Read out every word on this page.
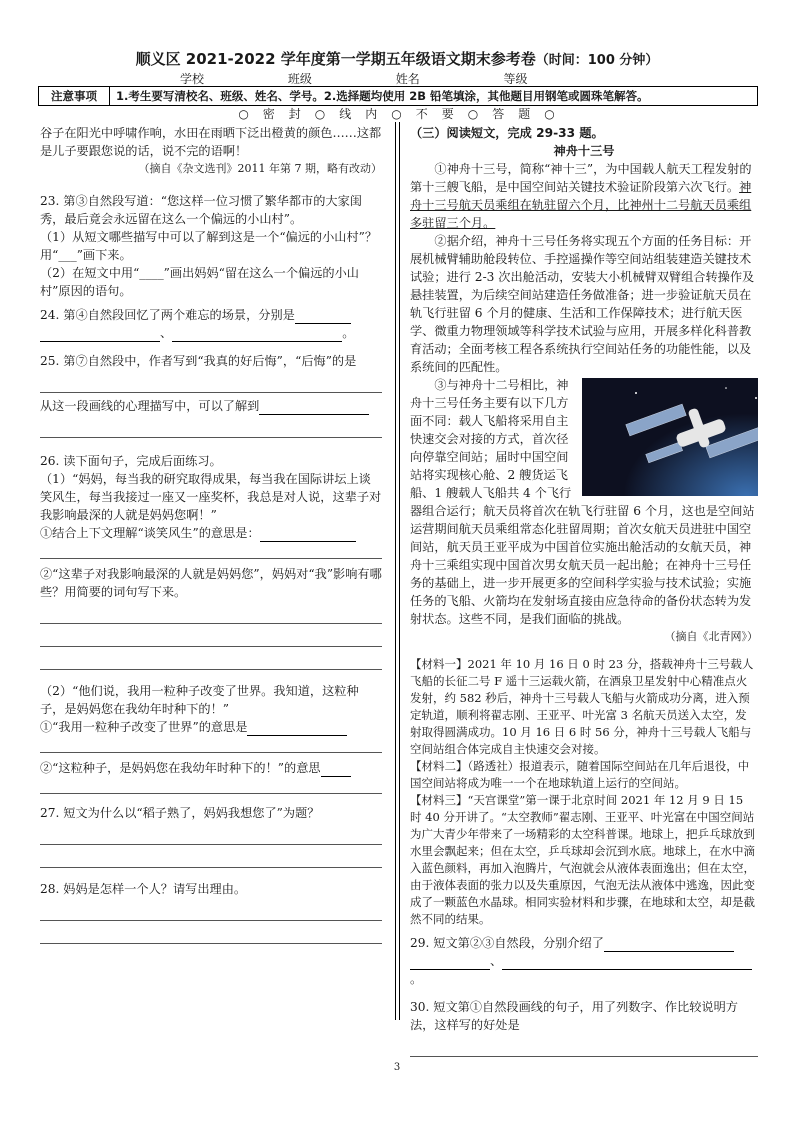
顺义区 2021-2022 学年度第一学期五年级语文期末参考卷（时间：100 分钟）
学校	班级	姓名	等级
注意事项	1.考生要写清校名、班级、姓名、学号。2.选择题均使用 2B 铅笔填涂，其他题目用钢笔或圆珠笔解答。
○　密　封　○　线　内　○　不　要　○　答　题　○

谷子在阳光中呼啸作响，水田在雨晒下泛出橙黄的颜色……这都是儿子要跟您说的话，说不完的语啊！

（摘自《杂文选刊》2011 年第 7 期，略有改动）

23. 第③自然段写道：“您这样一位习惯了繁华都市的大家闺秀，最后竟会永远留在这么一个偏远的小山村”。

（1）从短文哪些描写中可以了解到这是一个“偏远的小山村”？用“___”画下来。

（2）在短文中用“____”画出妈妈“留在这么一个偏远的小山村”原因的语句。

24. 第④自然段回忆了两个难忘的场景，分别是

、	。

25. 第⑦自然段中，作者写到“我真的好后悔”，“后悔”的是

从这一段画线的心理描写中，可以了解到

26. 读下面句子，完成后面练习。

（1）“妈妈，每当我的研究取得成果，每当我在国际讲坛上谈笑风生，每当我接过一座又一座奖杯，我总是对人说，这辈子对我影响最深的人就是妈妈您啊！”

①结合上下文理解“谈笑风生”的意思是：

②“这辈子对我影响最深的人就是妈妈您”，妈妈对“我”影响有哪些？用简要的词句写下来。

（2）“他们说，我用一粒种子改变了世界。我知道，这粒种子，是妈妈您在我幼年时种下的！”

①“我用一粒种子改变了世界”的意思是

②“这粒种子，是妈妈您在我幼年时种下的！”的意思

27. 短文为什么以“稻子熟了，妈妈我想您了”为题？

28. 妈妈是怎样一个人？请写出理由。

（三）阅读短文，完成 29-33 题。

神舟十三号

①神舟十三号，简称“神十三”，为中国载人航天工程发射的第十三艘飞船，是中国空间站关键技术验证阶段第六次飞行。神舟十三号航天员乘组在轨驻留六个月，比神州十二号航天员乘组多驻留三个月。

②据介绍，神舟十三号任务将实现五个方面的任务目标：开展机械臂辅助舱段转位、手控遥操作等空间站组装建造关键技术试验；进行 2-3 次出舱活动，安装大小机械臂双臂组合转操作及悬挂装置，为后续空间站建造任务做准备；进一步验证航天员在轨飞行驻留 6 个月的健康、生活和工作保障技术；进行航天医学、微重力物理领域等科学技术试验与应用，开展多样化科普教育活动；全面考核工程各系统执行空间站任务的功能性能，以及系统间的匹配性。

③与神舟十二号相比，神舟十三号任务主要有以下几方面不同：载人飞船将采用自主快速交会对接的方式，首次径向停靠空间站；届时中国空间站将实现核心舱、2 艘货运飞船、1 艘载人飞船共 4 个飞行器组合运行；航天员将首次在轨飞行驻留 6 个月，这也是空间站运营期间航天员乘组常态化驻留周期；首次女航天员进驻中国空间站，航天员王亚平成为中国首位实施出舱活动的女航天员，神舟十三乘组实现中国首次男女航天员一起出舱；在神舟十三号任务的基础上，进一步开展更多的空间科学实验与技术试验；实施任务的飞船、火箭均在发射场直接由应急待命的备份状态转为发射状态。这些不同，是我们面临的挑战。

（摘自《北青网》）

【材料一】2021 年 10 月 16 日 0 时 23 分，搭载神舟十三号载人飞船的长征二号 F 遥十三运载火箭，在酒泉卫星发射中心精准点火发射，约 582 秒后，神舟十三号载人飞船与火箭成功分离，进入预定轨道，顺利将翟志刚、王亚平、叶光富 3 名航天员送入太空，发射取得圆满成功。10 月 16 日 6 时 56 分，神舟十三号载人飞船与空间站组合体完成自主快速交会对接。

【材料二】（路透社）报道表示，随着国际空间站在几年后退役，中国空间站将成为唯一一个在地球轨道上运行的空间站。

【材料三】“天宫课堂”第一课于北京时间 2021 年 12 月 9 日 15 时 40 分开讲了。“太空教师”翟志刚、王亚平、叶光富在中国空间站为广大青少年带来了一场精彩的太空科普课。地球上，把乒乓球放到水里会飘起来；但在太空，乒乓球却会沉到水底。地球上，在水中滴入蓝色颜料，再加入泡腾片，气泡就会从液体表面逸出；但在太空，由于液体表面的张力以及失重原因，气泡无法从液体中逃逸，因此变成了一颗蓝色水晶球。相同实验材料和步骤，在地球和太空，却是截然不同的结果。

29. 短文第②③自然段，分别介绍了

、。

30. 短文第①自然段画线的句子，用了列数字、作比较说明方法，这样写的好处是

3
